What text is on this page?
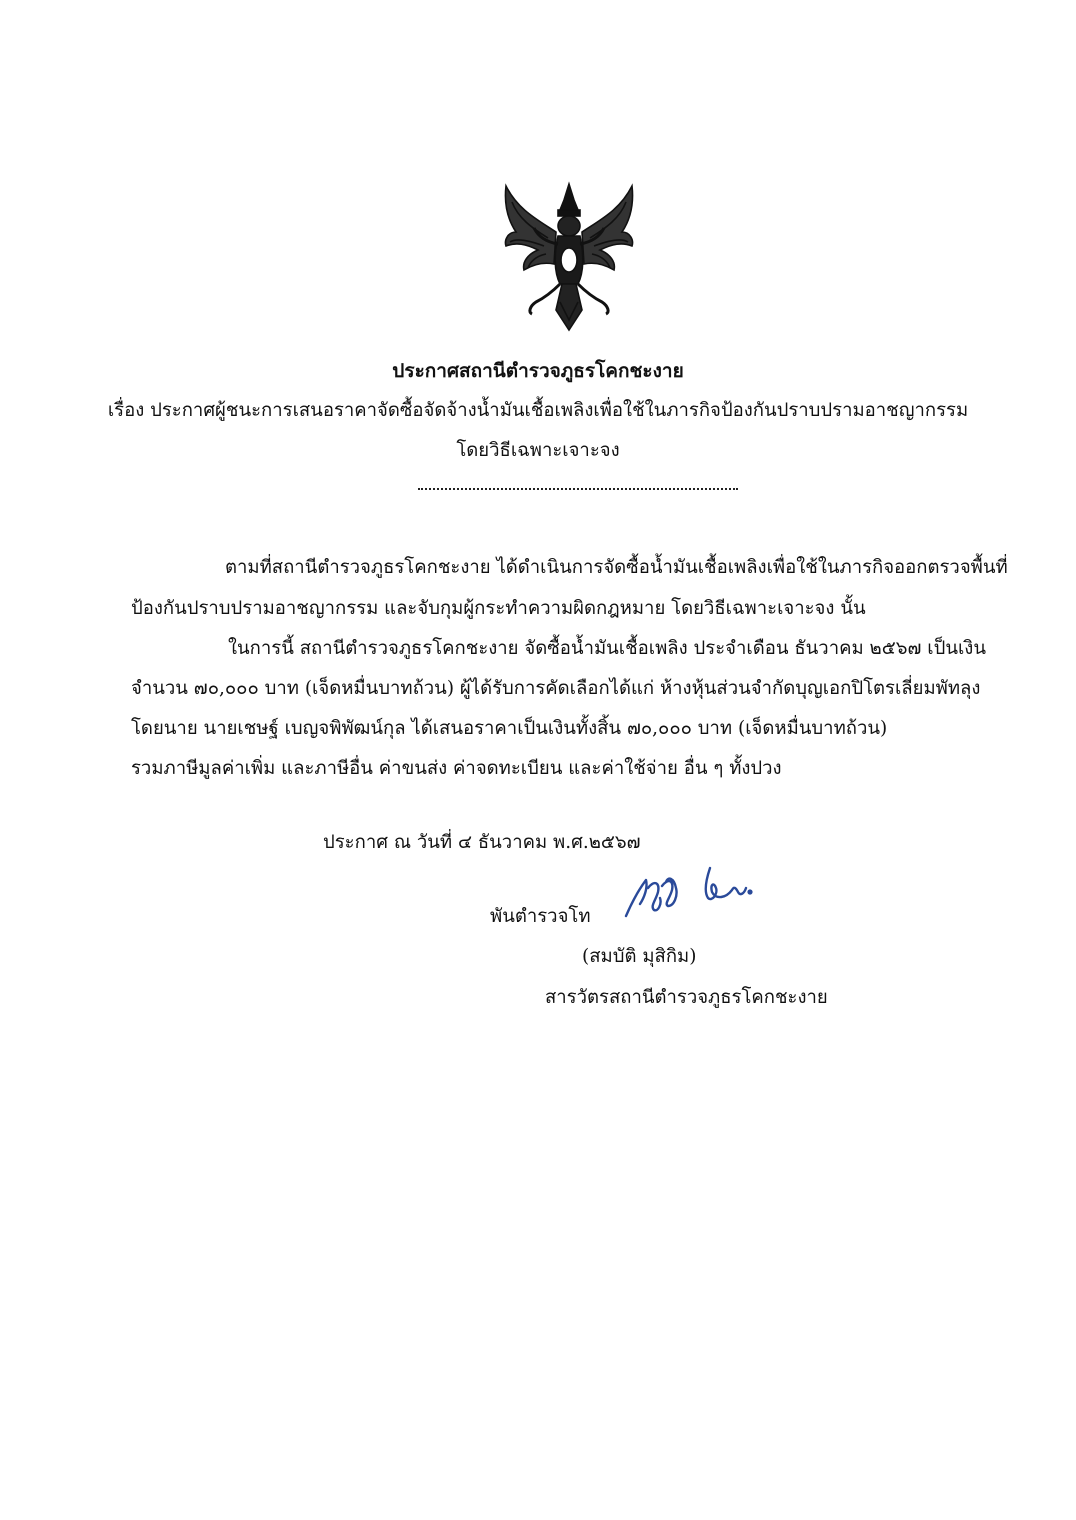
ประกาศสถานีตำรวจภูธรโคกชะงาย
เรื่อง ประกาศผู้ชนะการเสนอราคาจัดซื้อจัดจ้างน้ำมันเชื้อเพลิงเพื่อใช้ในภารกิจป้องกันปราบปรามอาชญากรรม
โดยวิธีเฉพาะเจาะจง
ตามที่สถานีตำรวจภูธรโคกชะงาย ได้ดำเนินการจัดซื้อน้ำมันเชื้อเพลิงเพื่อใช้ในภารกิจออกตรวจพื้นที่
ป้องกันปราบปรามอาชญากรรม และจับกุมผู้กระทำความผิดกฎหมาย โดยวิธีเฉพาะเจาะจง นั้น
ในการนี้ สถานีตำรวจภูธรโคกชะงาย จัดซื้อน้ำมันเชื้อเพลิง ประจำเดือน ธันวาคม ๒๕๖๗ เป็นเงิน
จำนวน ๗๐,๐๐๐ บาท (เจ็ดหมื่นบาทถ้วน) ผู้ได้รับการคัดเลือกได้แก่ ห้างหุ้นส่วนจำกัดบุญเอกปิโตรเลี่ยมพัทลุง
โดยนาย นายเชษฐ์ เบญจพิพัฒน์กุล ได้เสนอราคาเป็นเงินทั้งสิ้น ๗๐,๐๐๐ บาท (เจ็ดหมื่นบาทถ้วน)
รวมภาษีมูลค่าเพิ่ม และภาษีอื่น ค่าขนส่ง ค่าจดทะเบียน และค่าใช้จ่าย อื่น ๆ ทั้งปวง
ประกาศ ณ วันที่ ๔ ธันวาคม พ.ศ.๒๕๖๗
พันตำรวจโท
(สมบัติ มุสิกิม)
สารวัตรสถานีตำรวจภูธรโคกชะงาย
